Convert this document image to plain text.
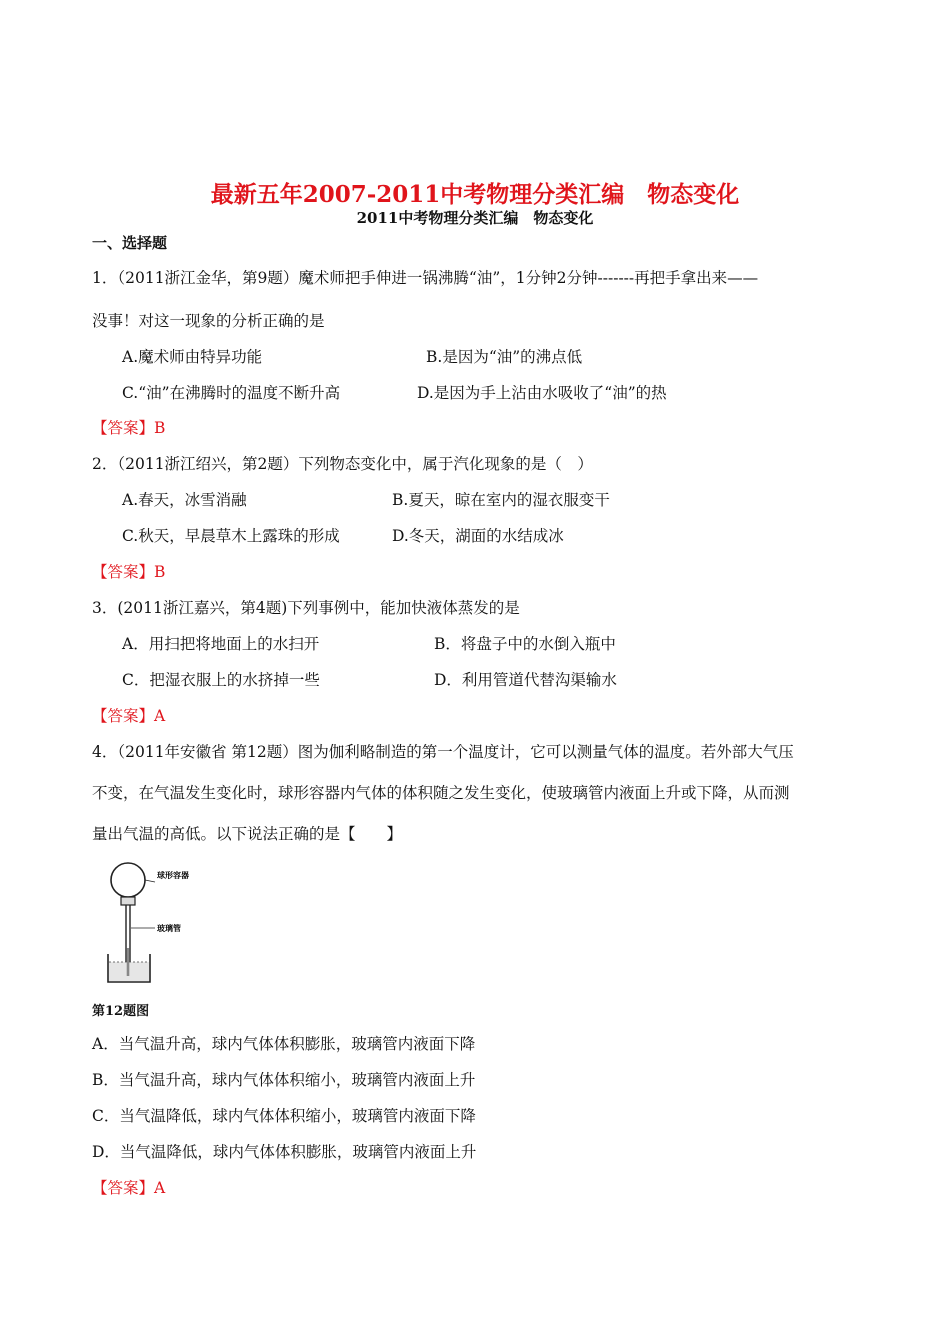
最新五年2007-2011中考物理分类汇编　物态变化
2011中考物理分类汇编　物态变化
一、选择题
1．（2011浙江金华，第9题）魔术师把手伸进一锅沸腾“油”，1分钟2分钟-------再把手拿出来——
没事！对这一现象的分析正确的是
A.魔术师由特异功能	B.是因为“油”的沸点低
C.“油”在沸腾时的温度不断升高	D.是因为手上沾由水吸收了“油”的热
【答案】B
2．（2011浙江绍兴，第2题）下列物态变化中，属于汽化现象的是（　）
A.春天，冰雪消融	B.夏天，晾在室内的湿衣服变干
C.秋天，早晨草木上露珠的形成	D.冬天，湖面的水结成冰
【答案】B
3．(2011浙江嘉兴，第4题)下列事例中，能加快液体蒸发的是
A．用扫把将地面上的水扫开	B．将盘子中的水倒入瓶中
C．把湿衣服上的水挤掉一些	D．利用管道代替沟渠输水
【答案】A
4．（2011年安徽省 第12题）图为伽利略制造的第一个温度计，它可以测量气体的温度。若外部大气压
不变，在气温发生变化时，球形容器内气体的体积随之发生变化，使玻璃管内液面上升或下降，从而测
量出气温的高低。以下说法正确的是【　　】
球形容器
玻璃管
第12题图
A．当气温升高，球内气体体积膨胀，玻璃管内液面下降
B．当气温升高，球内气体体积缩小，玻璃管内液面上升
C．当气温降低，球内气体体积缩小，玻璃管内液面下降
D．当气温降低，球内气体体积膨胀，玻璃管内液面上升
【答案】A
